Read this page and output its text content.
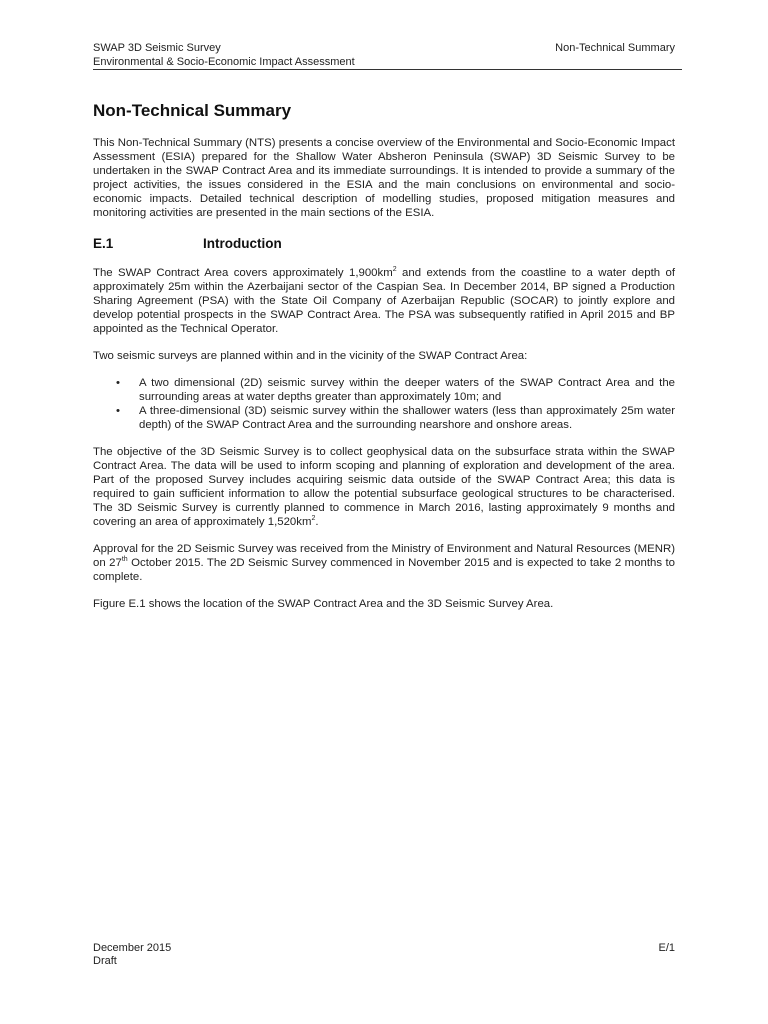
SWAP 3D Seismic Survey	Non-Technical Summary
Environmental & Socio-Economic Impact Assessment
Non-Technical Summary

This Non-Technical Summary (NTS) presents a concise overview of the Environmental and Socio-Economic Impact Assessment (ESIA) prepared for the Shallow Water Absheron Peninsula (SWAP) 3D Seismic Survey to be undertaken in the SWAP Contract Area and its immediate surroundings. It is intended to provide a summary of the project activities, the issues considered in the ESIA and the main conclusions on environmental and socio-economic impacts. Detailed technical description of modelling studies, proposed mitigation measures and monitoring activities are presented in the main sections of the ESIA.

E.1	Introduction

The SWAP Contract Area covers approximately $1,900km^2$ and extends from the coastline to a water depth of approximately 25m within the Azerbaijani sector of the Caspian Sea. In December 2014, BP signed a Production Sharing Agreement (PSA) with the State Oil Company of Azerbaijan Republic (SOCAR) to jointly explore and develop potential prospects in the SWAP Contract Area. The PSA was subsequently ratified in April 2015 and BP appointed as the Technical Operator.

Two seismic surveys are planned within and in the vicinity of the SWAP Contract Area:

• A two dimensional (2D) seismic survey within the deeper waters of the SWAP Contract Area and the surrounding areas at water depths greater than approximately 10m; and
• A three-dimensional (3D) seismic survey within the shallower waters (less than approximately 25m water depth) of the SWAP Contract Area and the surrounding nearshore and onshore areas.

The objective of the 3D Seismic Survey is to collect geophysical data on the subsurface strata within the SWAP Contract Area. The data will be used to inform scoping and planning of exploration and development of the area. Part of the proposed Survey includes acquiring seismic data outside of the SWAP Contract Area; this data is required to gain sufficient information to allow the potential subsurface geological structures to be characterised. The 3D Seismic Survey is currently planned to commence in March 2016, lasting approximately 9 months and covering an area of approximately $1,520km^2$.

Approval for the 2D Seismic Survey was received from the Ministry of Environment and Natural Resources (MENR) on 27th October 2015. The 2D Seismic Survey commenced in November 2015 and is expected to take 2 months to complete.

Figure E.1 shows the location of the SWAP Contract Area and the 3D Seismic Survey Area.

December 2015	E/1
Draft
